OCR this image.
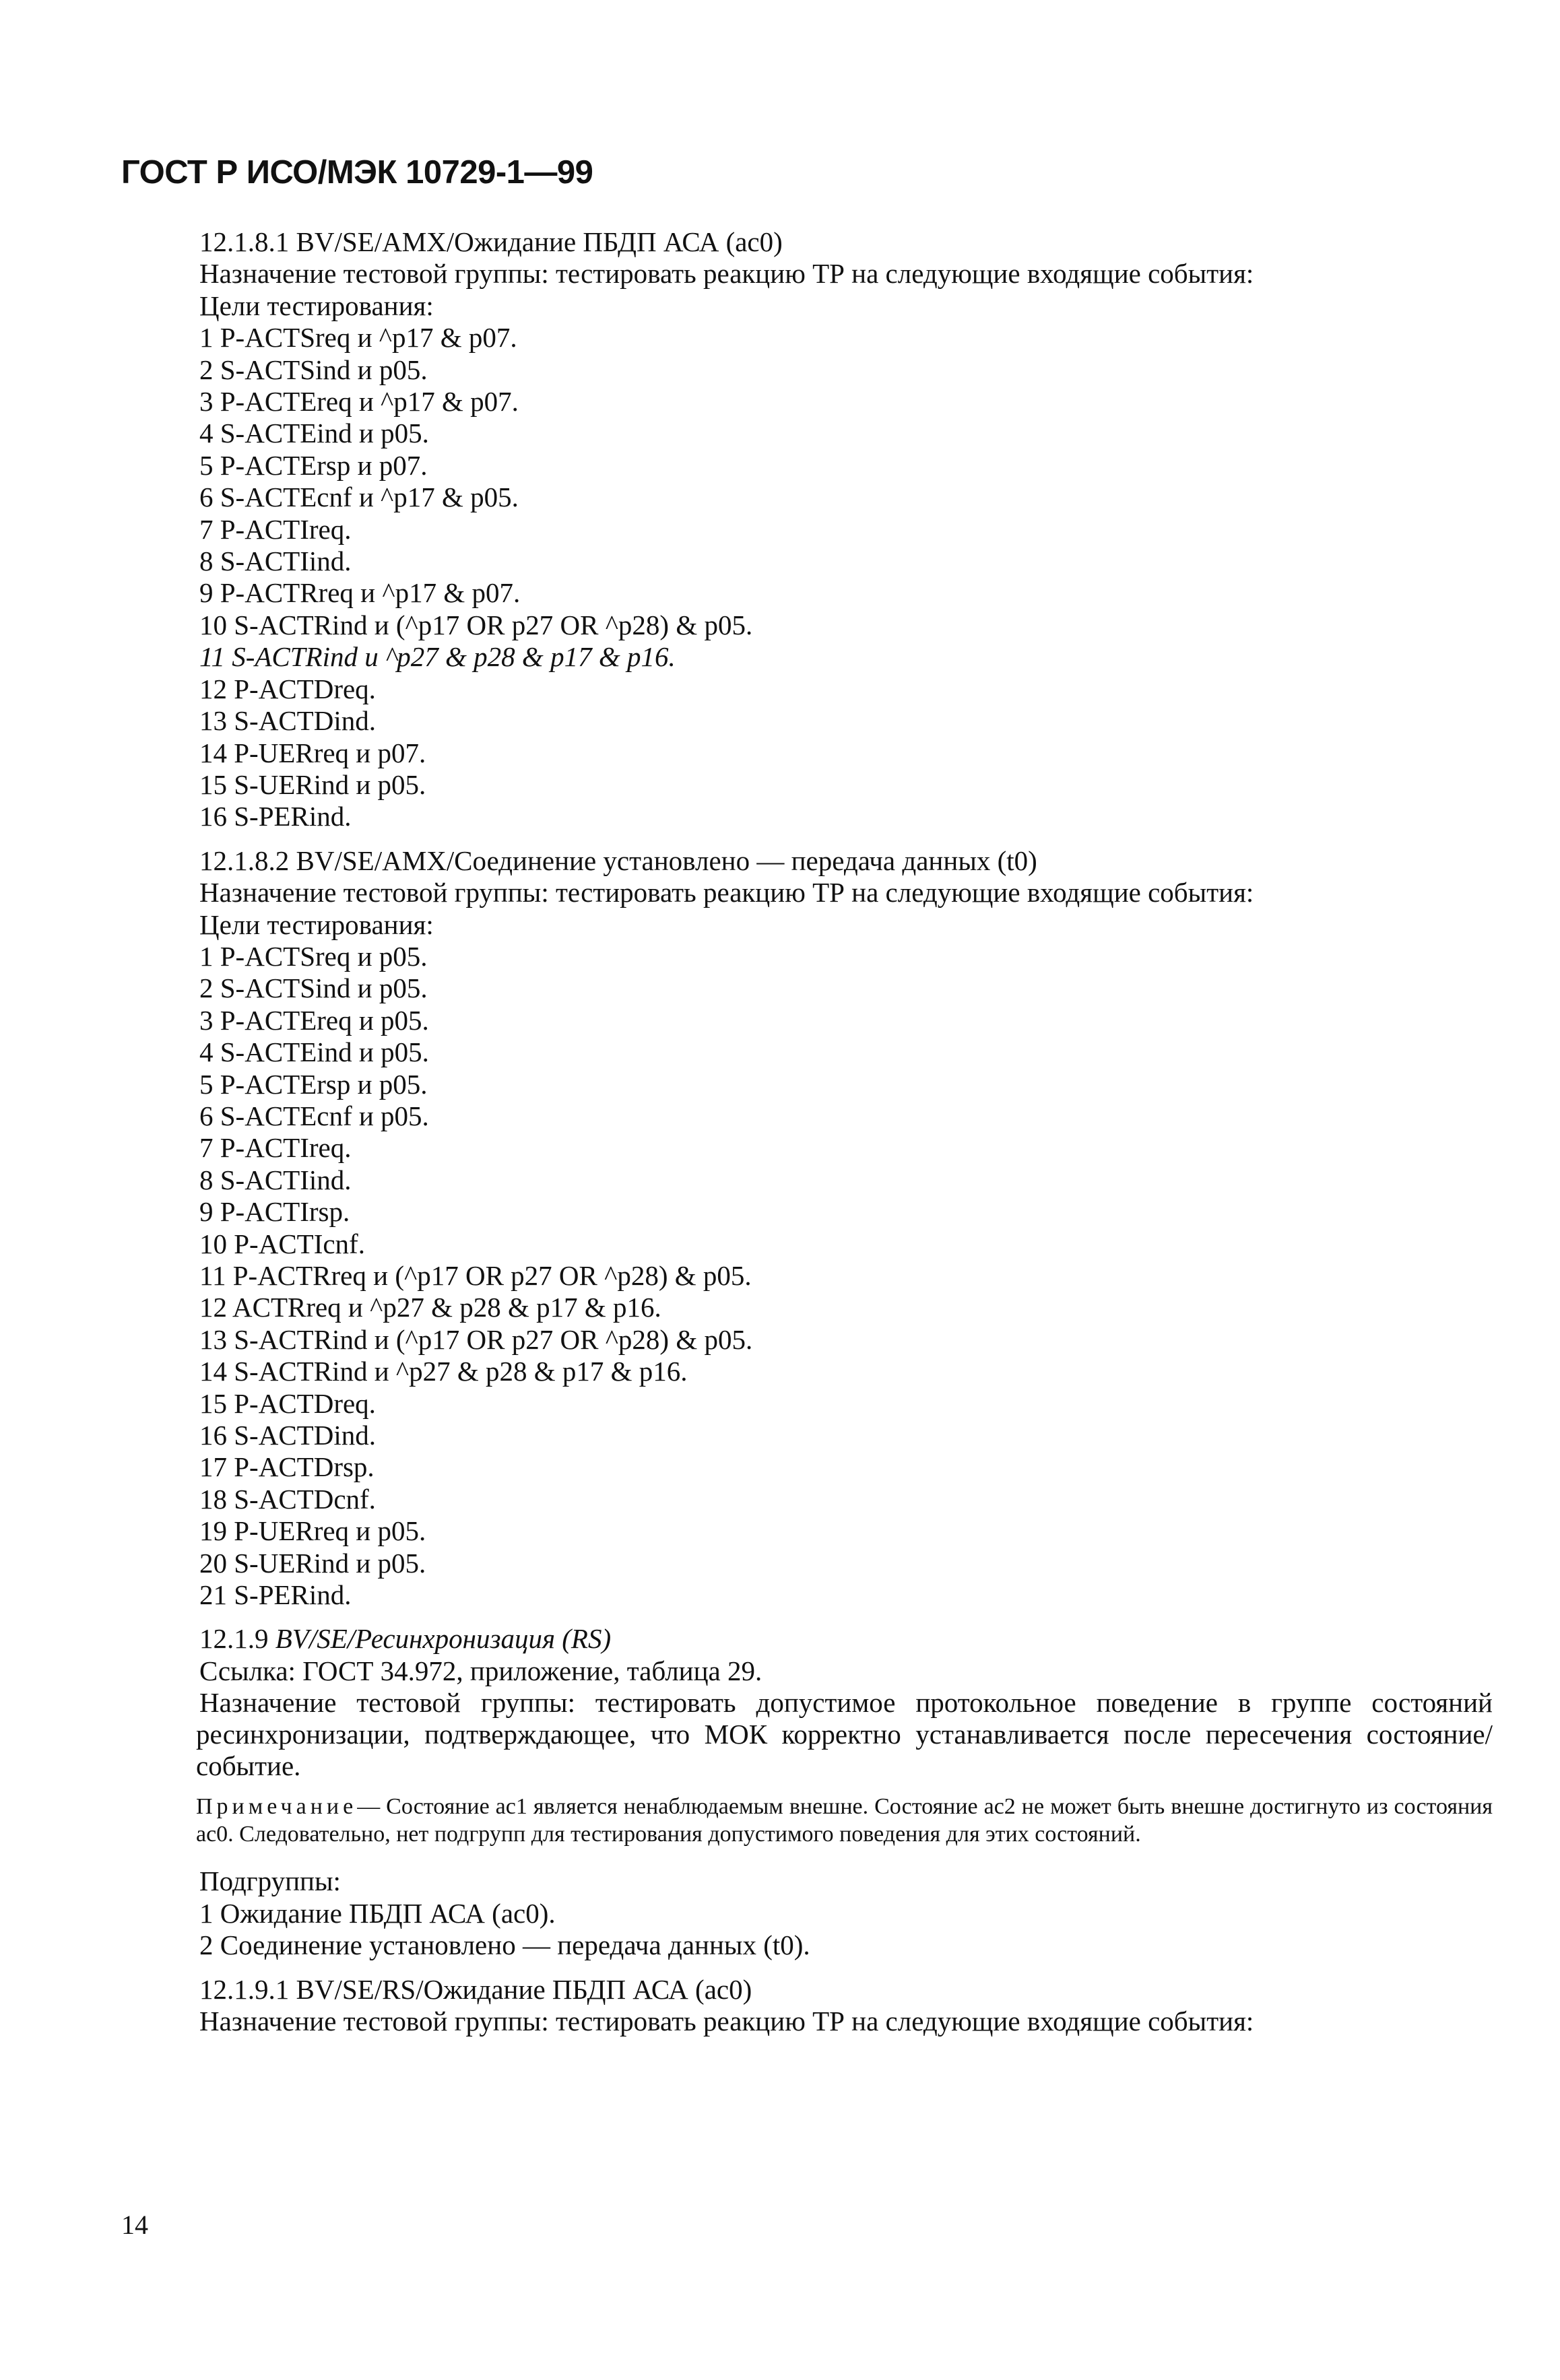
ГОСТ Р ИСО/МЭК 10729-1—99
12.1.8.1 BV/SE/AMX/Ожидание ПБДП АСА (ас0)
Назначение тестовой группы: тестировать реакцию ТР на следующие входящие события:
Цели тестирования:
1 P-ACTSreq и ^p17 & p07.
2 S-ACTSind и p05.
3 P-ACTEreq и ^p17 & p07.
4 S-ACTEind и p05.
5 P-ACTErsp и p07.
6 S-ACTEcnf и ^p17 & p05.
7 P-ACTIreq.
8 S-ACTIind.
9 P-ACTRreq и ^p17 & p07.
10 S-ACTRind и (^p17 OR p27 OR ^p28) & p05.
11 S-ACTRind и ^p27 & p28 & p17 & p16.
12 P-ACTDreq.
13 S-ACTDind.
14 P-UERreq и p07.
15 S-UERind и p05.
16 S-PERind.
12.1.8.2 BV/SE/AMX/Соединение установлено — передача данных (t0)
Назначение тестовой группы: тестировать реакцию ТР на следующие входящие события:
Цели тестирования:
1 P-ACTSreq и p05.
2 S-ACTSind и p05.
3 P-ACTEreq и p05.
4 S-ACTEind и p05.
5 P-ACTErsp и p05.
6 S-ACTEcnf и p05.
7 P-ACTIreq.
8 S-ACTIind.
9 P-ACTIrsp.
10 P-ACTIcnf.
11 P-ACTRreq и (^p17 OR p27 OR ^p28) & p05.
12 ACTRreq и ^p27 & p28 & p17 & p16.
13 S-ACTRind и (^p17 OR p27 OR ^p28) & p05.
14 S-ACTRind и ^p27 & p28 & p17 & p16.
15 P-ACTDreq.
16 S-ACTDind.
17 P-ACTDrsp.
18 S-ACTDcnf.
19 P-UERreq и p05.
20 S-UERind и p05.
21 S-PERind.
12.1.9 BV/SE/Ресинхронизация (RS)
Ссылка: ГОСТ 34.972, приложение, таблица 29.
Назначение тестовой группы: тестировать допустимое протокольное поведение в группе состояний ресинхронизации, подтверждающее, что МОК корректно устанавливается после пересечения состояние/событие.
Примечание— Состояние ас1 является ненаблюдаемым внешне. Состояние ас2 не может быть внешне достигнуто из состояния ас0. Следовательно, нет подгрупп для тестирования допустимого поведения для этих состояний.
Подгруппы:
1 Ожидание ПБДП АСА (ас0).
2 Соединение установлено — передача данных (t0).
12.1.9.1 BV/SE/RS/Ожидание ПБДП АСА (ас0)
Назначение тестовой группы: тестировать реакцию ТР на следующие входящие события:
14
